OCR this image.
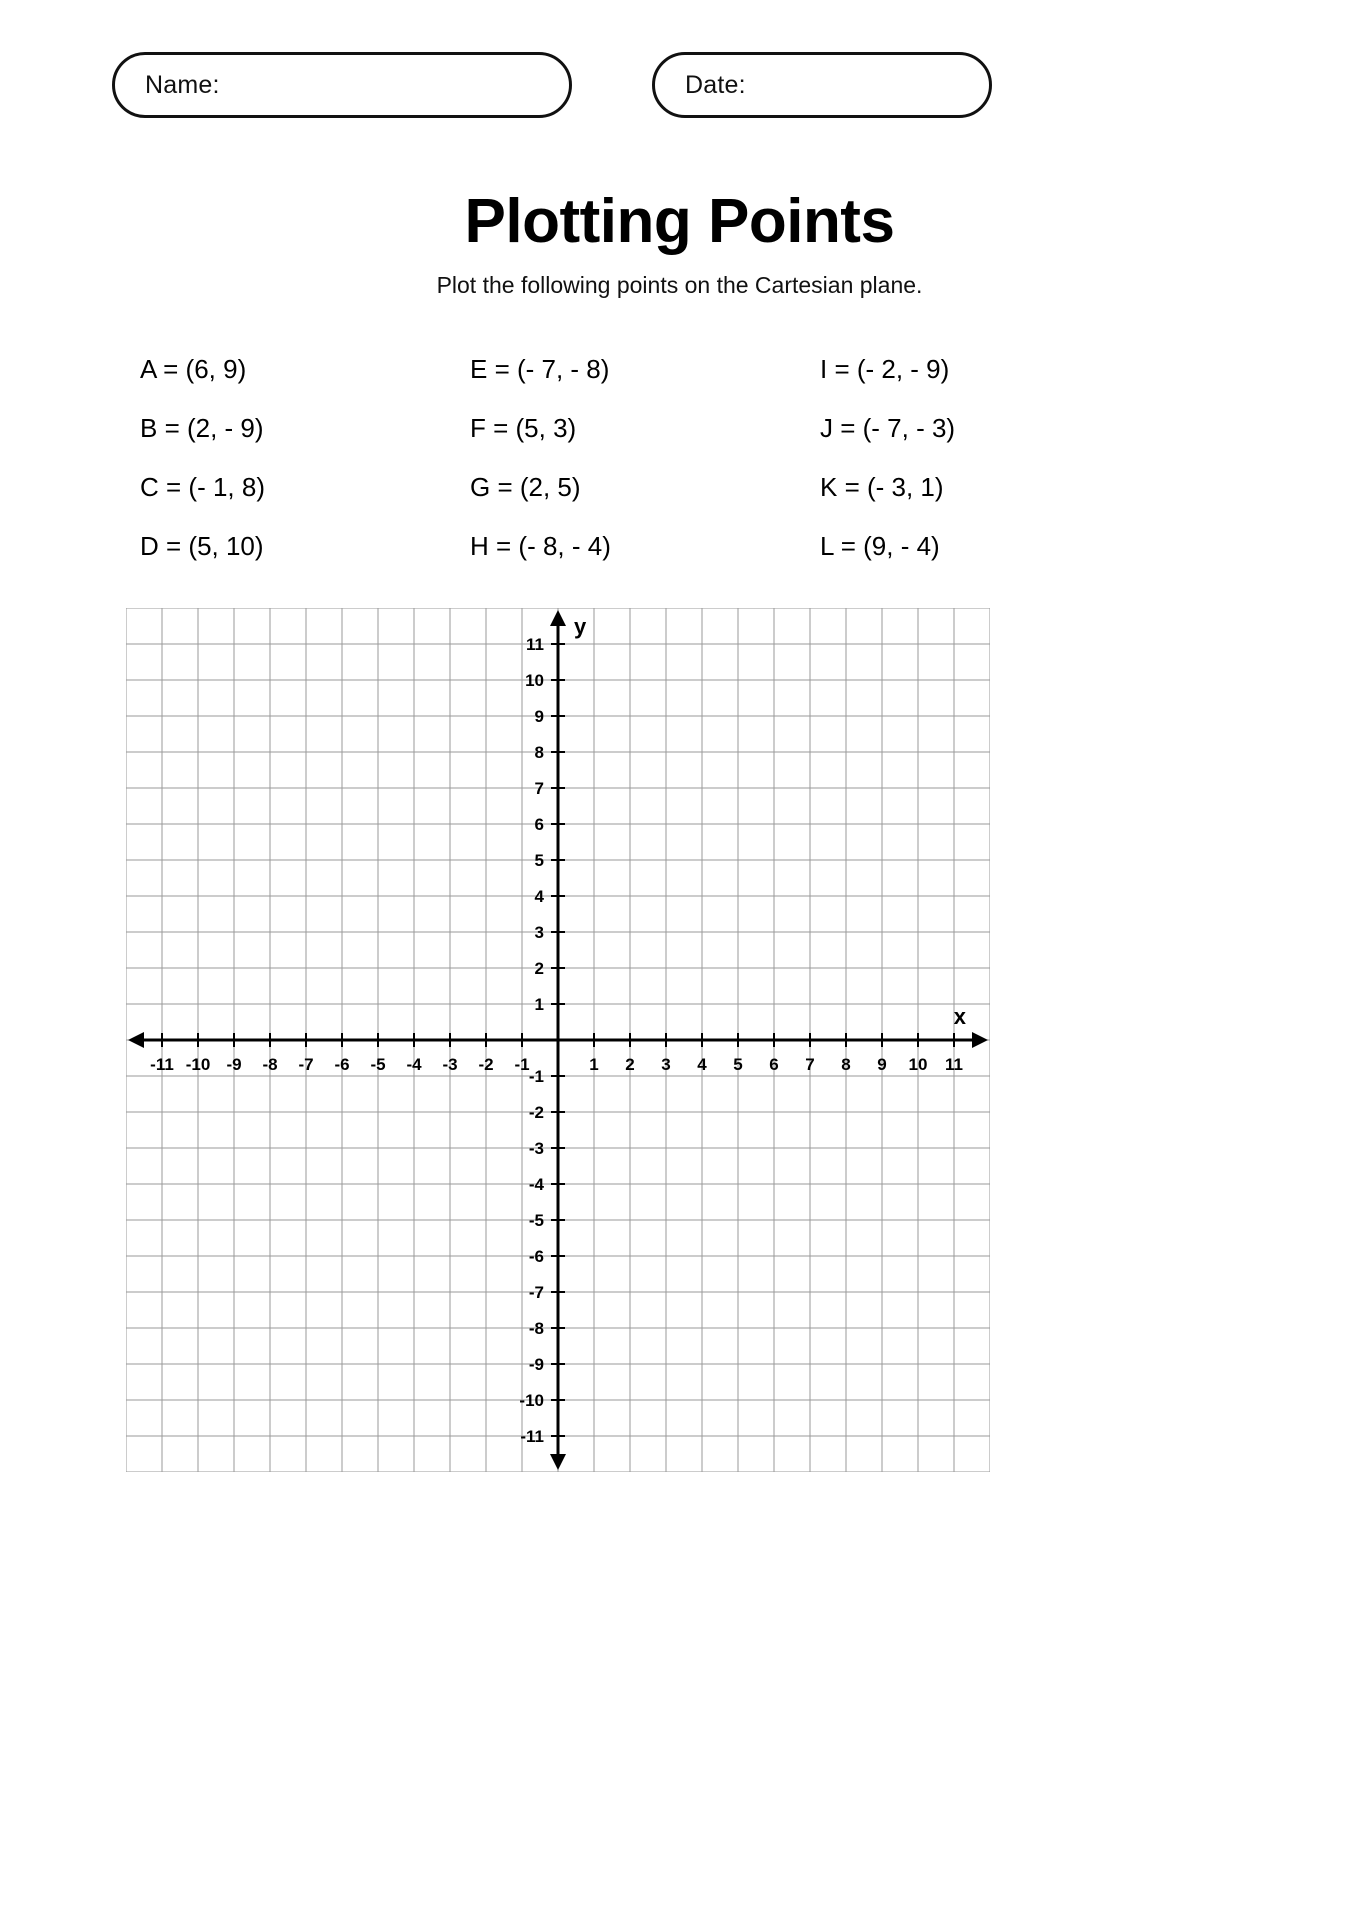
Name:	Date:
Plotting Points
Plot the following points on the Cartesian plane.
A = (6, 9)	E = (- 7, - 8)	I = (- 2, - 9)
B = (2, - 9)	F = (5, 3)	J = (- 7, - 3)
C = (- 1, 8)	G = (2, 5)	K = (- 3, 1)
D = (5, 10)	H = (- 8, - 4)	L = (9, - 4)
-11 -10 -9 -8 -7 -6 -5 -4 -3 -2 -1	1 2 3 4 5 6 7 8 9 10 11
-11
-10
-9
-8
-7
-6
-5
-4
-3
-2
-1
1
2
3
4
5
6
7
8
9
10
11
y
x
